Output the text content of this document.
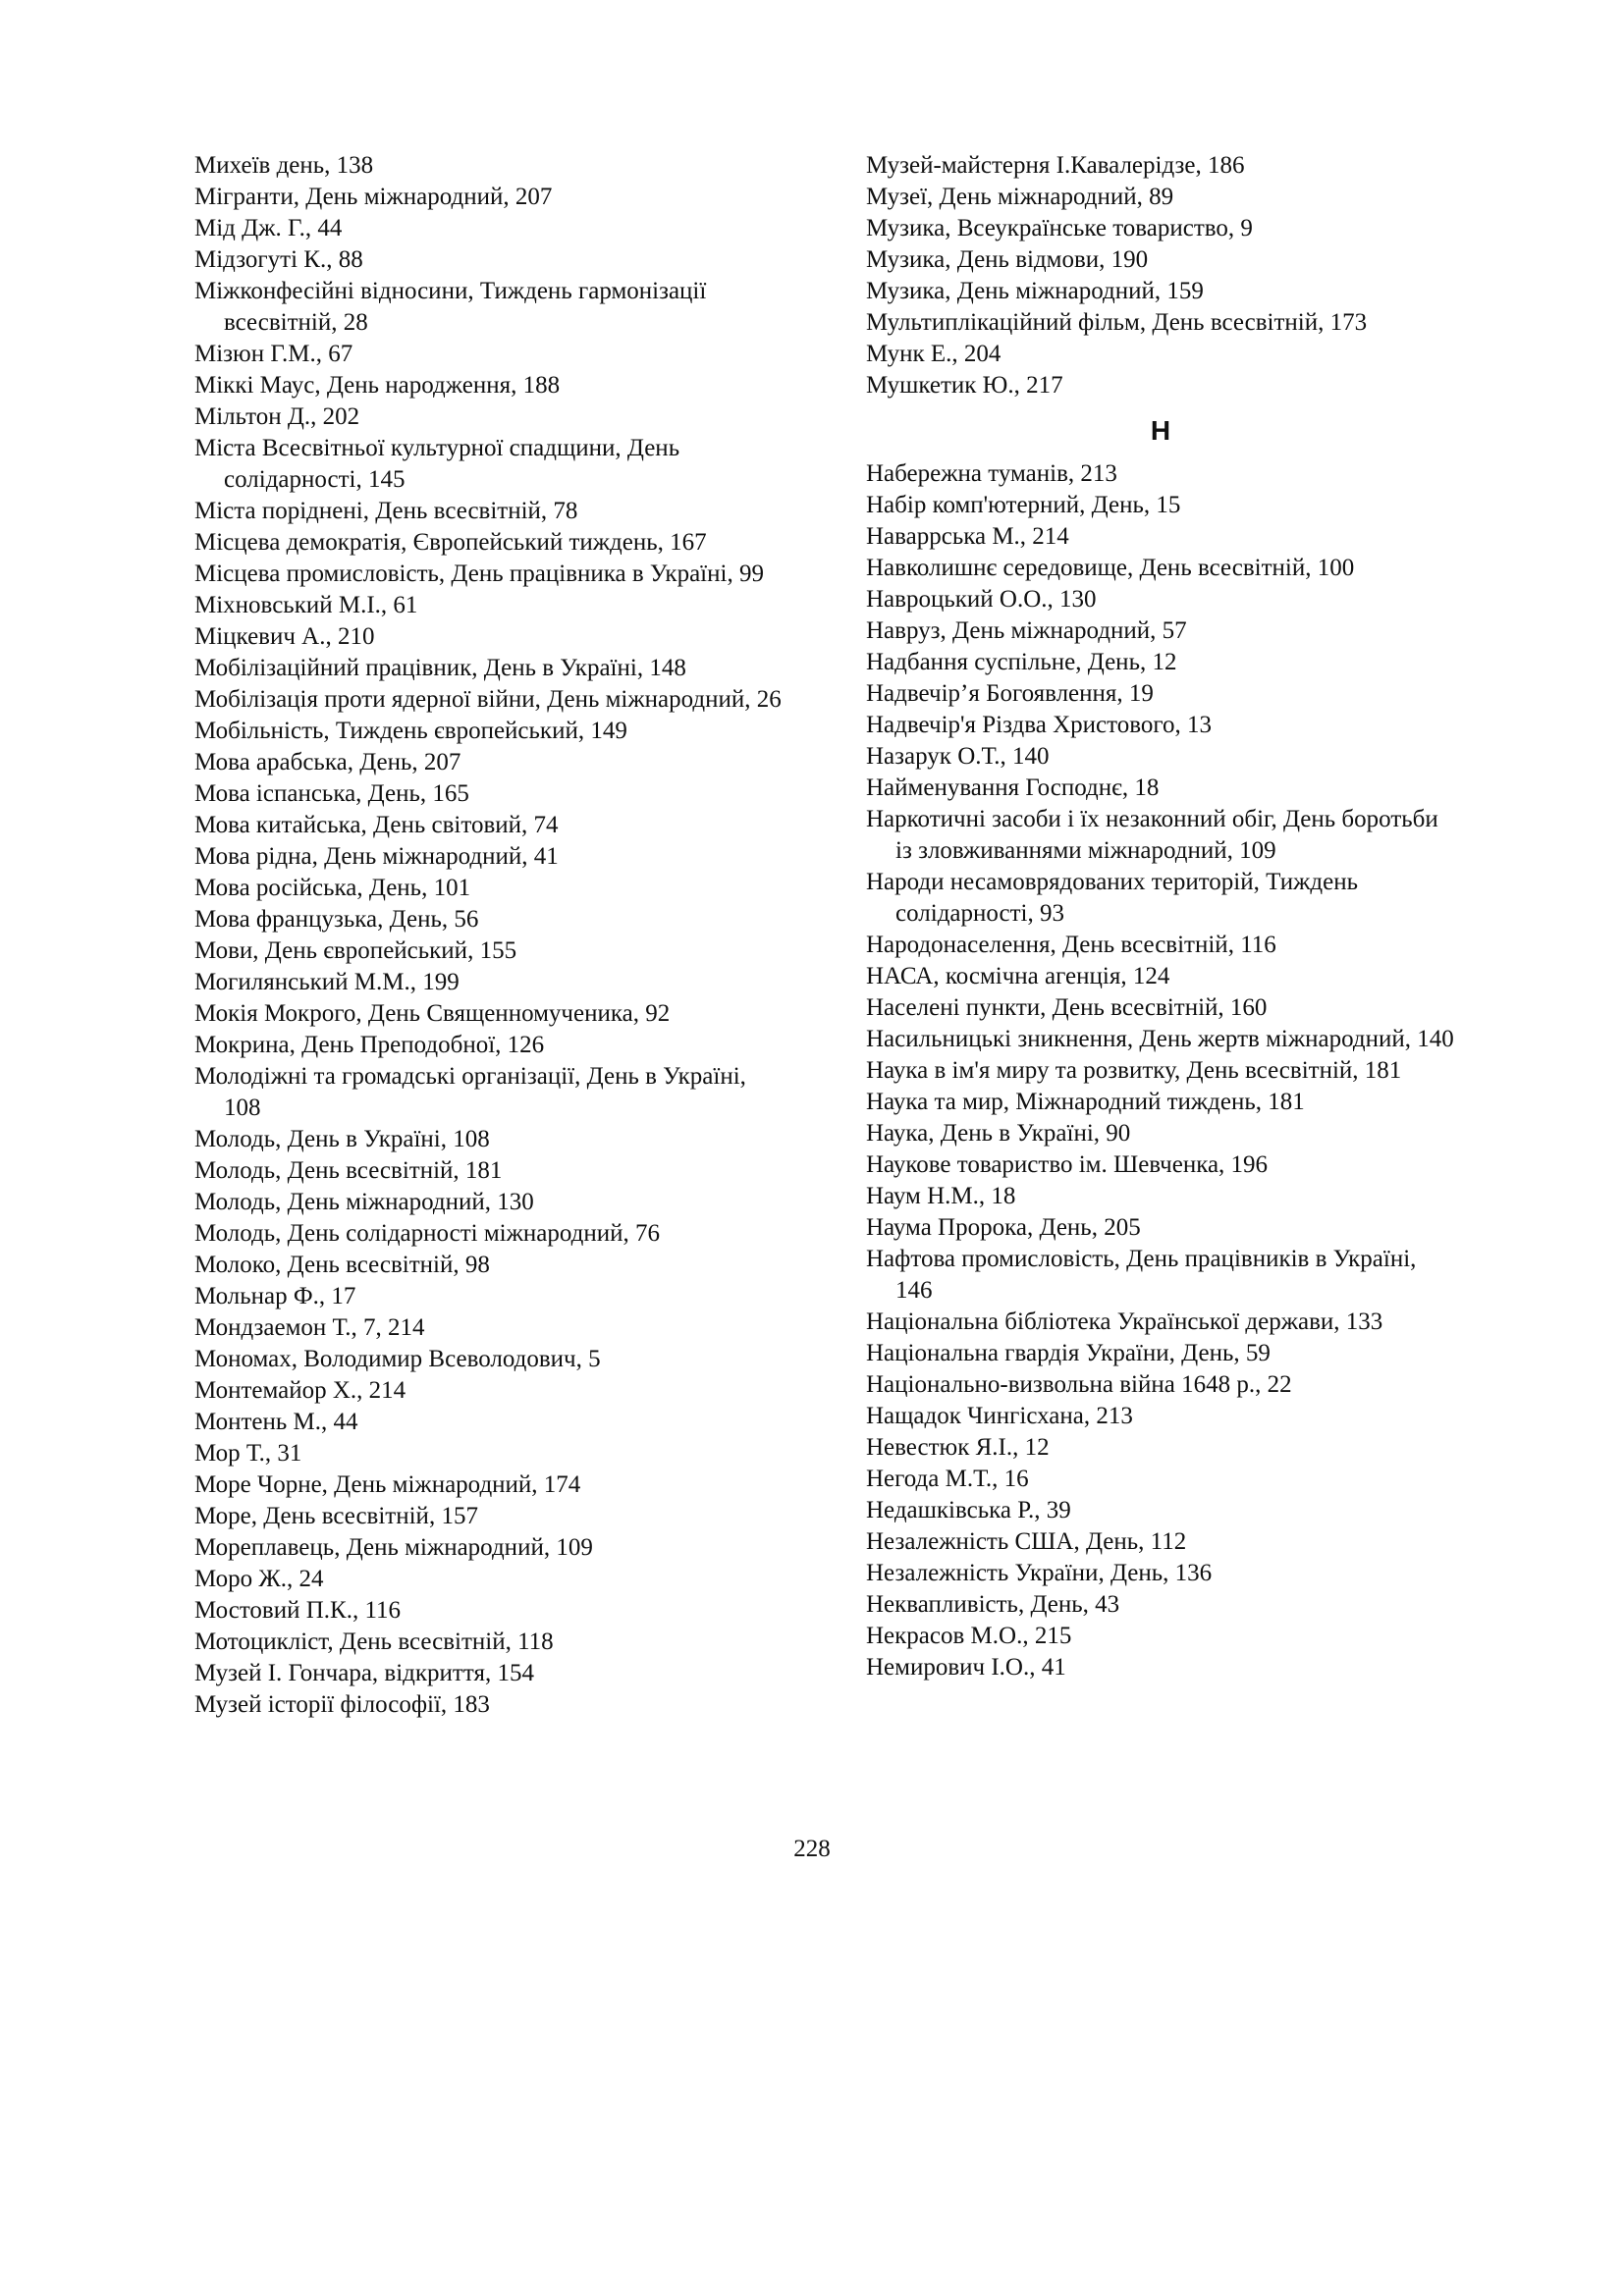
Михеїв день, 138
Мігранти, День міжнародний, 207
Мід Дж. Г., 44
Мідзогуті К., 88
Міжконфесійні відносини, Тиждень гармонізації всесвітній, 28
Мізюн Г.М., 67
Міккі Маус, День народження, 188
Мільтон Д., 202
Міста Всесвітньої культурної спадщини, День солідарності, 145
Міста поріднені, День всесвітній, 78
Місцева демократія, Європейський тиждень, 167
Місцева промисловість, День працівника в Україні, 99
Міхновський М.І., 61
Міцкевич А., 210
Мобілізаційний працівник, День в Україні, 148
Мобілізація проти ядерної війни, День міжнародний, 26
Мобільність, Тиждень європейський, 149
Мова арабська, День, 207
Мова іспанська, День, 165
Мова китайська, День світовий, 74
Мова рідна, День міжнародний, 41
Мова російська, День, 101
Мова французька, День, 56
Мови, День європейський, 155
Могилянський М.М., 199
Мокія Мокрого, День Священномученика, 92
Мокрина, День Преподобної, 126
Молодіжні та громадські організації, День в Україні, 108
Молодь, День в Україні, 108
Молодь, День всесвітній, 181
Молодь, День міжнародний, 130
Молодь, День солідарності міжнародний, 76
Молоко, День всесвітній, 98
Мольнар Ф., 17
Мондзаемон Т., 7, 214
Мономах, Володимир Всеволодович, 5
Монтемайор Х., 214
Монтень М., 44
Мор Т., 31
Море Чорне, День міжнародний, 174
Море, День всесвітній, 157
Мореплавець, День міжнародний, 109
Моро Ж., 24
Мостовий П.К., 116
Мотоцикліст, День всесвітній, 118
Музей І. Гончара, відкриття, 154
Музей історії філософії, 183
Музей-майстерня І.Кавалерідзе, 186
Музеї, День міжнародний, 89
Музика, Всеукраїнське товариство, 9
Музика, День відмови, 190
Музика, День міжнародний, 159
Мультиплікаційний фільм, День всесвітній, 173
Мунк Е., 204
Мушкетик Ю., 217
Н
Набережна туманів, 213
Набір комп'ютерний, День, 15
Наваррська М., 214
Навколишнє середовище, День всесвітній, 100
Навроцький О.О., 130
Навруз, День міжнародний, 57
Надбання суспільне, День, 12
Надвечір’я Богоявлення, 19
Надвечір'я Різдва Христового, 13
Назарук О.Т., 140
Найменування Господнє, 18
Наркотичні засоби і їх незаконний обіг, День боротьби із зловживаннями міжнародний, 109
Народи несамоврядованих територій, Тиждень солідарності, 93
Народонаселення, День всесвітній, 116
НАСА, космічна агенція, 124
Населені пункти, День всесвітній, 160
Насильницькі зникнення, День жертв міжнародний, 140
Наука в ім'я миру та розвитку, День всесвітній, 181
Наука та мир, Міжнародний тиждень, 181
Наука, День в Україні, 90
Наукове товариство ім. Шевченка, 196
Наум Н.М., 18
Наума Пророка, День, 205
Нафтова промисловість, День працівників в Україні, 146
Національна бібліотека Української держави, 133
Національна гвардія України, День, 59
Національно-визвольна війна 1648 р., 22
Нащадок Чингісхана, 213
Невестюк Я.І., 12
Негода М.Т., 16
Недашківська Р., 39
Незалежність США, День, 112
Незалежність України, День, 136
Неквапливість, День, 43
Некрасов М.О., 215
Немирович І.О., 41
228
